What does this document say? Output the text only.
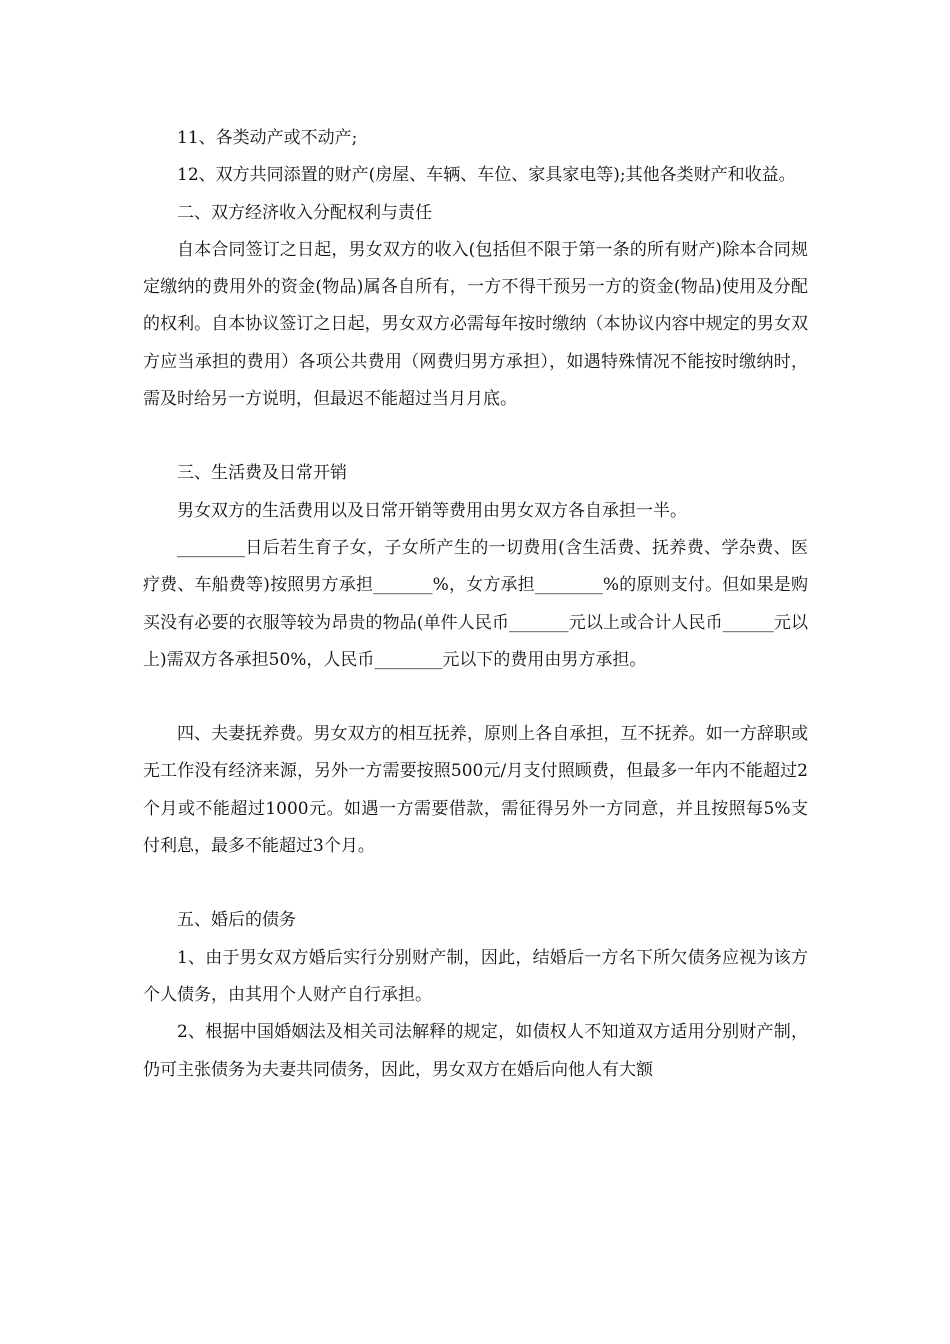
11、各类动产或不动产;

12、双方共同添置的财产(房屋、车辆、车位、家具家电等);其他各类财产和收益。

二、双方经济收入分配权利与责任

自本合同签订之日起，男女双方的收入(包括但不限于第一条的所有财产)除本合同规定缴纳的费用外的资金(物品)属各自所有，一方不得干预另一方的资金(物品)使用及分配的权利。自本协议签订之日起，男女双方必需每年按时缴纳（本协议内容中规定的男女双方应当承担的费用）各项公共费用（网费归男方承担），如遇特殊情况不能按时缴纳时，需及时给另一方说明，但最迟不能超过当月月底。

三、生活费及日常开销

男女双方的生活费用以及日常开销等费用由男女双方各自承担一半。

________日后若生育子女，子女所产生的一切费用(含生活费、抚养费、学杂费、医疗费、车船费等)按照男方承担_______%，女方承担________%的原则支付。但如果是购买没有必要的衣服等较为昂贵的物品(单件人民币_______元以上或合计人民币______元以上)需双方各承担50%，人民币________元以下的费用由男方承担。

四、夫妻抚养费。男女双方的相互抚养，原则上各自承担，互不抚养。如一方辞职或无工作没有经济来源，另外一方需要按照500元/月支付照顾费，但最多一年内不能超过2个月或不能超过1000元。如遇一方需要借款，需征得另外一方同意，并且按照每5%支付利息，最多不能超过3个月。

五、婚后的债务

1、由于男女双方婚后实行分别财产制，因此，结婚后一方名下所欠债务应视为该方个人债务，由其用个人财产自行承担。

2、根据中国婚姻法及相关司法解释的规定，如债权人不知道双方适用分别财产制，仍可主张债务为夫妻共同债务，因此，男女双方在婚后向他人有大额
